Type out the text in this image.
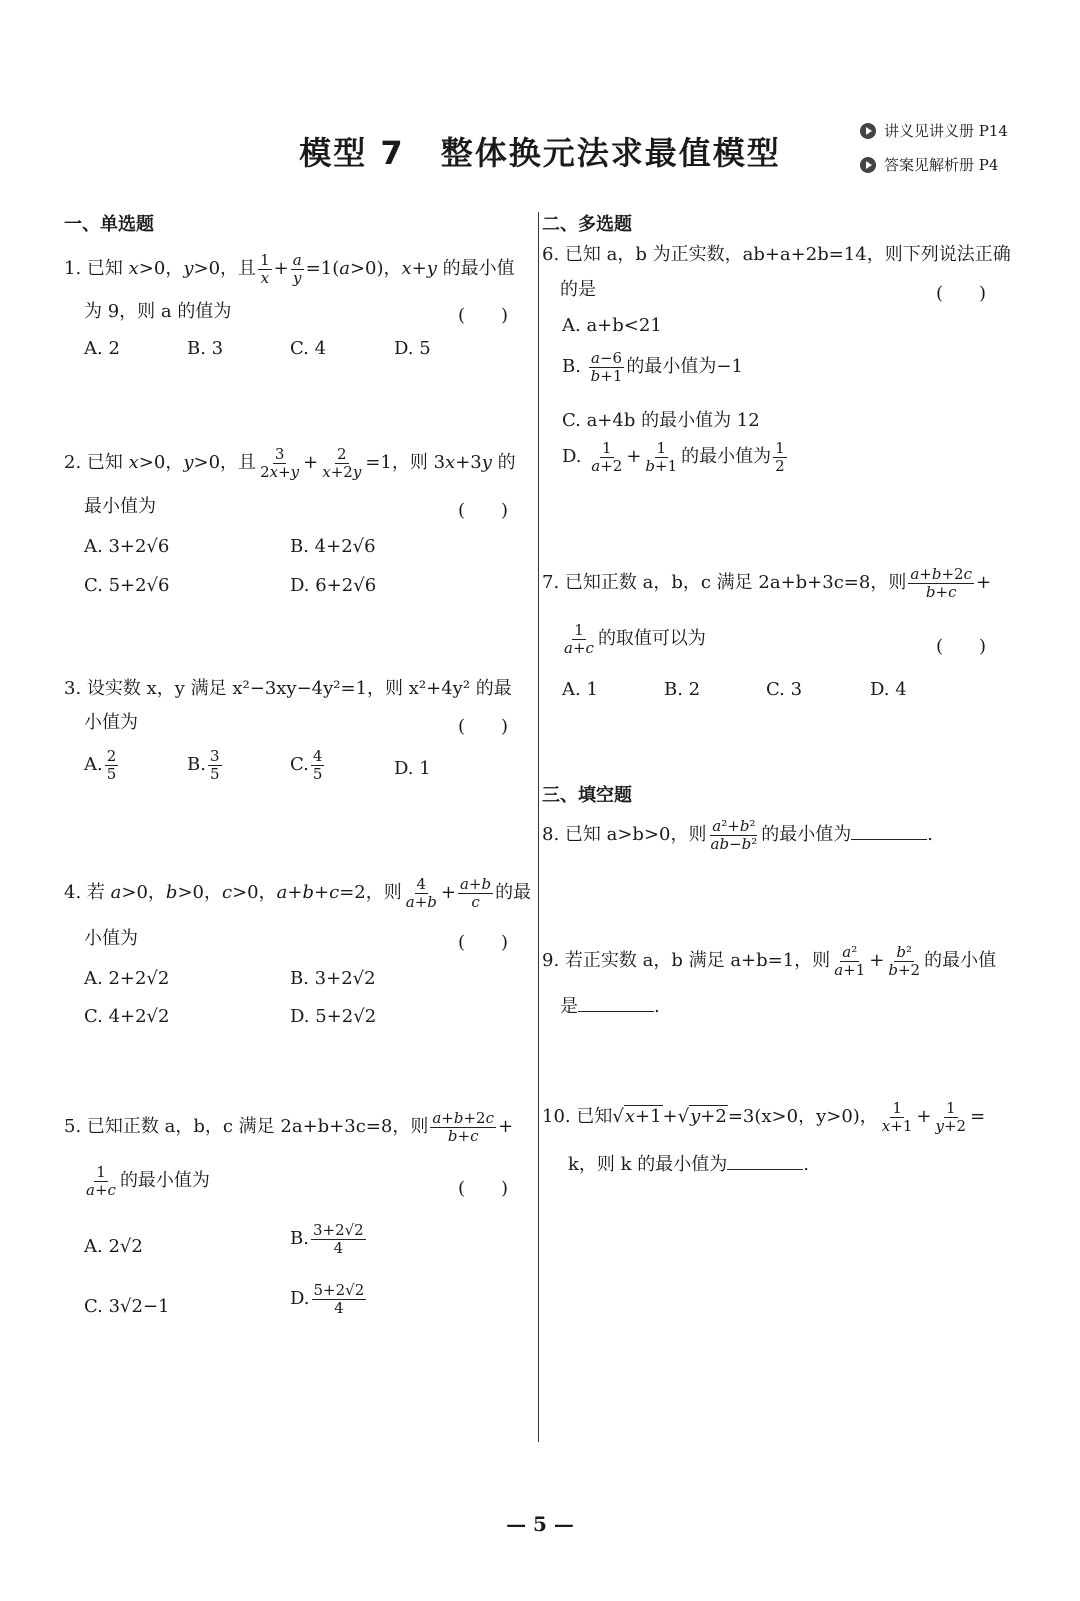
模型 7 整体换元法求最值模型
讲义见讲义册 P14
答案见解析册 P4
一、单选题
1. 已知 x>0，y>0，且 $\frac{1}{x} + \frac{a}{y} =1(a>0)$，x+y 的最小值
为 9，则 a 的值为	(　　)
A. 2	B. 3	C. 4	D. 5
2. 已知 x>0，y>0，且 $\frac{3}{2x+y} + \frac{2}{x+2y} =1$，则 3x+3y 的
最小值为	(　　)
A. 3+2√6	B. 4+2√6
C. 5+2√6	D. 6+2√6
3. 设实数 x，y 满足 x²−3xy−4y²=1，则 x²+4y² 的最
小值为	(　　)
A. $\frac{2}{5}$	B. $\frac{3}{5}$	C. $\frac{4}{5}$	D. 1
4. 若 a>0，b>0，c>0，a+b+c=2，则 $\frac{4}{a+b} + \frac{a+b}{c}$ 的最
小值为	(　　)
A. 2+2√2	B. 3+2√2
C. 4+2√2	D. 5+2√2
5. 已知正数 a，b，c 满足 2a+b+3c=8，则 $\frac{a+b+2c}{b+c}$ +
$\frac{1}{a+c}$ 的最小值为	(　　)
A. 2√2	B. $\frac{3+2√2}{4}$
C. 3√2−1	D. $\frac{5+2√2}{4}$
二、多选题
6. 已知 a，b 为正实数，ab+a+2b=14，则下列说法正确
的是	(　　)
A. a+b<21
B. $\frac{a-6}{b+1}$ 的最小值为−1
C. a+4b 的最小值为 12
D. $\frac{1}{a+2} + \frac{1}{b+1}$ 的最小值为 $\frac{1}{2}$
7. 已知正数 a，b，c 满足 2a+b+3c=8，则 $\frac{a+b+2c}{b+c}$ +
$\frac{1}{a+c}$ 的取值可以为	(　　)
A. 1	B. 2	C. 3	D. 4
三、填空题
8. 已知 a>b>0，则 $\frac{\text{a²+b²}}{\text{ab−b²}}$ 的最小值为	.
9. 若正实数 a，b 满足 a+b=1，则 $\frac{\text{a²}}{a+1} + \frac{\text{b²}}{b+2}$ 的最小值
是	.
10. 已知√x+1+√y+2=3(x>0，y>0)， $\frac{1}{x+1} + \frac{1}{y+2}$ =
k，则 k 的最小值为	.
— 5 —
